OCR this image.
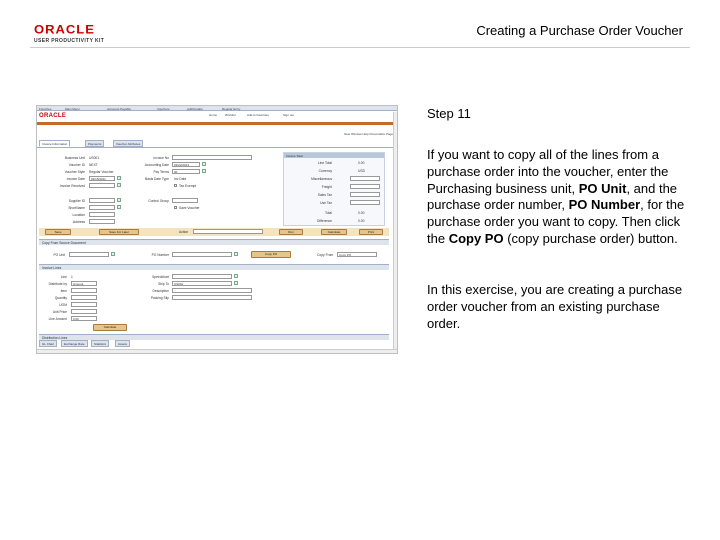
ORACLE
USER PRODUCTIVITY KIT
Creating a Purchase Order Voucher
Favorites	Main Menu	Accounts Payable	Vouchers	Add/Update	Regular Entry
ORACLE	Home	Worklist	Add to Favorites	Sign out
New Window Help Personalize Page
Invoice Information	Payments	Voucher Attributes
Business Unit US001
Voucher ID NEXT
Voucher Style Regular Voucher
Invoice Date	03/15/2011
Invoice Received
Invoice No
Accounting Date	03/22/2013
Pay Terms	00
Basis Date Type Inv Date
Tax Exempt
Supplier ID
ShortName
Location
Address
Control Group
Save Voucher
Invoice Total
Line Total	0.00
Currency	USD
Miscellaneous
Freight
Sales Tax
Use Tax
Total	0.00
Difference	0.00
Save	Save For Later	Action	Run	Calculate	Print
Copy From Source Document
PO Unit	PO Number	Copy PO	Copy From	Copy PO
Invoice Lines
Line 1
Distribute by	Amount
Item
Quantity
UOM
Unit Price
Line Amount	0.00
Calculate
Speedchart
Ship To	US001
Description
Packing Slip
Distribution Lines
GL Chart	Exchange Rate	Statistics	Assets
Step 11

If you want to copy all of the lines from a purchase order into the voucher, enter the Purchasing business unit, PO Unit, and the purchase order number, PO Number, for the purchase order you want to copy. Then click the Copy PO (copy purchase order) button.

In this exercise, you are creating a purchase order voucher from an existing purchase order.
